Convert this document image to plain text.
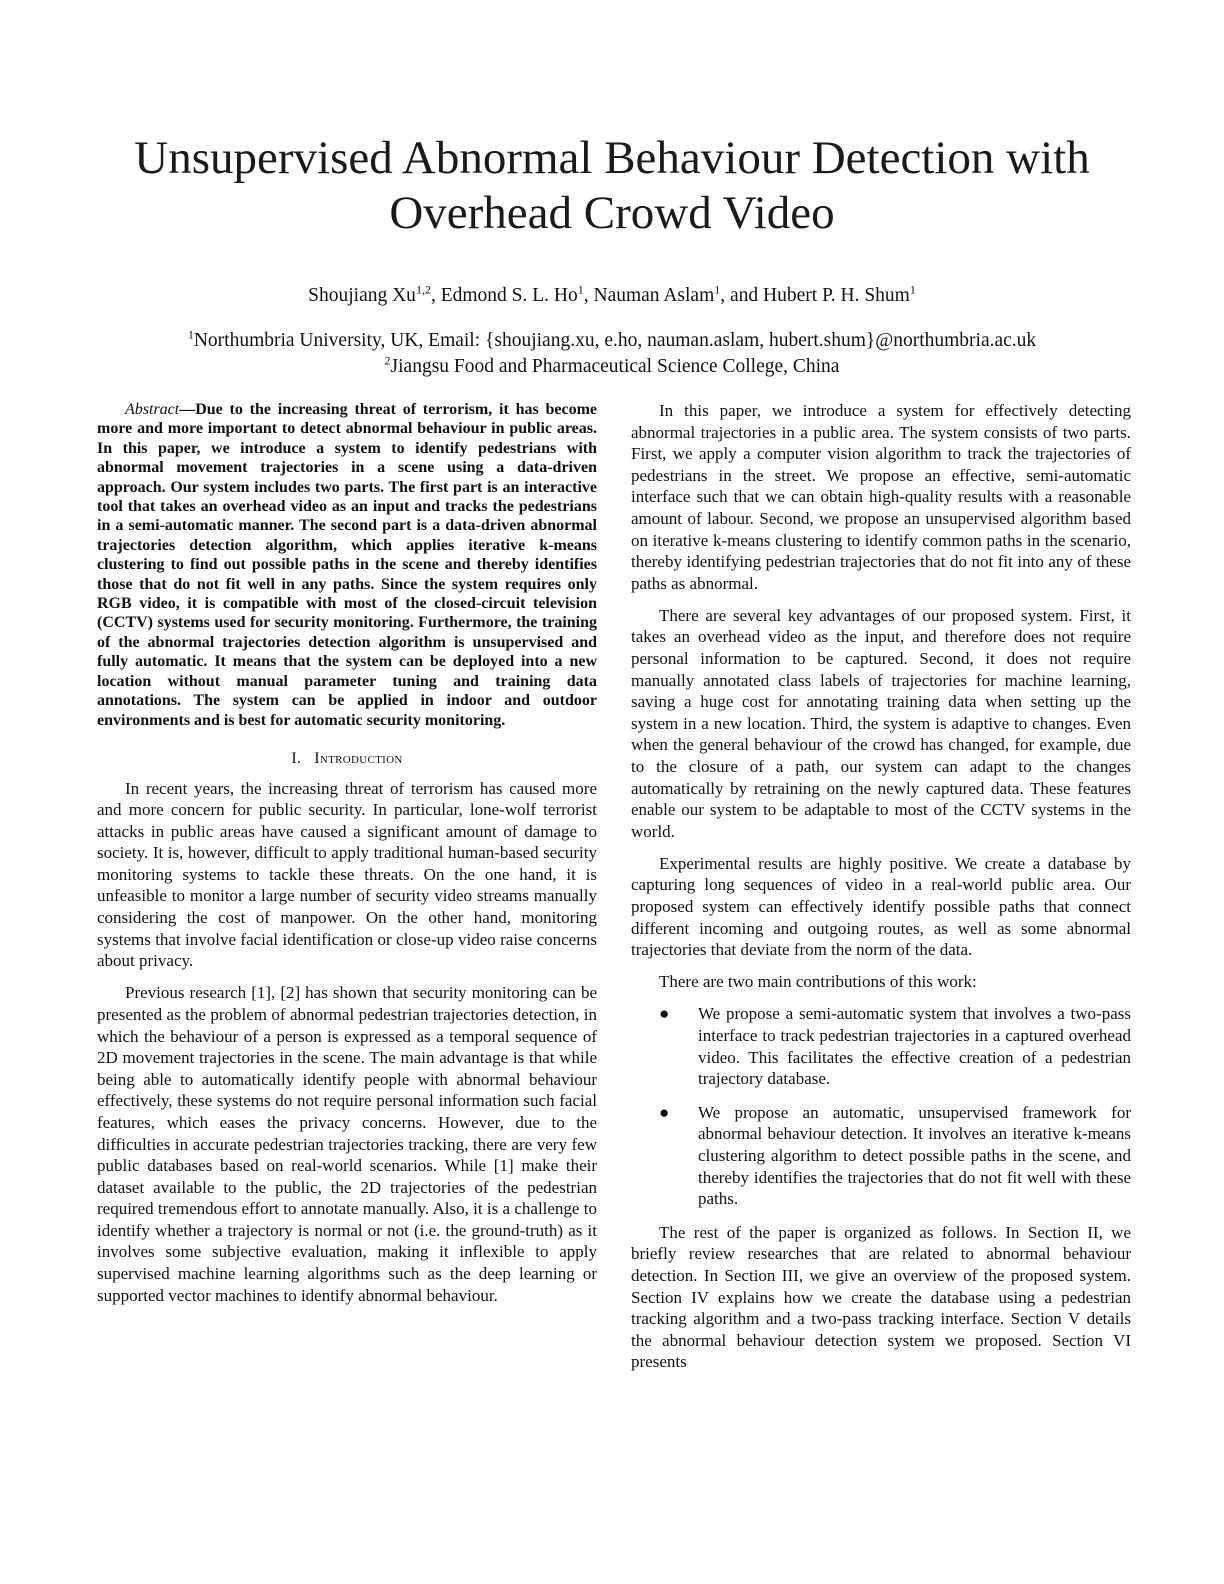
Unsupervised Abnormal Behaviour Detection with
Overhead Crowd Video
Shoujiang Xu$^{1,2}$, Edmond S. L. Ho$^1$, Nauman Aslam$^1$, and Hubert P. H. Shum$^1$
$^1$Northumbria University, UK, Email: {shoujiang.xu, e.ho, nauman.aslam, hubert.shum}@northumbria.ac.uk
$^2$Jiangsu Food and Pharmaceutical Science College, China

Abstract—Due to the increasing threat of terrorism, it has become more and more important to detect abnormal behaviour in public areas. In this paper, we introduce a system to identify pedestrians with abnormal movement trajectories in a scene using a data-driven approach. Our system includes two parts. The first part is an interactive tool that takes an overhead video as an input and tracks the pedestrians in a semi-automatic manner. The second part is a data-driven abnormal trajectories detection algorithm, which applies iterative k-means clustering to find out possible paths in the scene and thereby identifies those that do not fit well in any paths. Since the system requires only RGB video, it is compatible with most of the closed-circuit television (CCTV) systems used for security monitoring. Furthermore, the training of the abnormal trajectories detection algorithm is unsupervised and fully automatic. It means that the system can be deployed into a new location without manual parameter tuning and training data annotations. The system can be applied in indoor and outdoor environments and is best for automatic security monitoring.

I. Introduction

In recent years, the increasing threat of terrorism has caused more and more concern for public security. In particular, lone-wolf terrorist attacks in public areas have caused a significant amount of damage to society. It is, however, difficult to apply traditional human-based security monitoring systems to tackle these threats. On the one hand, it is unfeasible to monitor a large number of security video streams manually considering the cost of manpower. On the other hand, monitoring systems that involve facial identification or close-up video raise concerns about privacy.

Previous research [1], [2] has shown that security monitoring can be presented as the problem of abnormal pedestrian trajectories detection, in which the behaviour of a person is expressed as a temporal sequence of 2D movement trajectories in the scene. The main advantage is that while being able to automatically identify people with abnormal behaviour effectively, these systems do not require personal information such facial features, which eases the privacy concerns. However, due to the difficulties in accurate pedestrian trajectories tracking, there are very few public databases based on real-world scenarios. While [1] make their dataset available to the public, the 2D trajectories of the pedestrian required tremendous effort to annotate manually. Also, it is a challenge to identify whether a trajectory is normal or not (i.e. the ground-truth) as it involves some subjective evaluation, making it inflexible to apply supervised machine learning algorithms such as the deep learning or supported vector machines to identify abnormal behaviour.

In this paper, we introduce a system for effectively detecting abnormal trajectories in a public area. The system consists of two parts. First, we apply a computer vision algorithm to track the trajectories of pedestrians in the street. We propose an effective, semi-automatic interface such that we can obtain high-quality results with a reasonable amount of labour. Second, we propose an unsupervised algorithm based on iterative k-means clustering to identify common paths in the scenario, thereby identifying pedestrian trajectories that do not fit into any of these paths as abnormal.

There are several key advantages of our proposed system. First, it takes an overhead video as the input, and therefore does not require personal information to be captured. Second, it does not require manually annotated class labels of trajectories for machine learning, saving a huge cost for annotating training data when setting up the system in a new location. Third, the system is adaptive to changes. Even when the general behaviour of the crowd has changed, for example, due to the closure of a path, our system can adapt to the changes automatically by retraining on the newly captured data. These features enable our system to be adaptable to most of the CCTV systems in the world.

Experimental results are highly positive. We create a database by capturing long sequences of video in a real-world public area. Our proposed system can effectively identify possible paths that connect different incoming and outgoing routes, as well as some abnormal trajectories that deviate from the norm of the data.

There are two main contributions of this work:

● We propose a semi-automatic system that involves a two-pass interface to track pedestrian trajectories in a captured overhead video. This facilitates the effective creation of a pedestrian trajectory database.
● We propose an automatic, unsupervised framework for abnormal behaviour detection. It involves an iterative k-means clustering algorithm to detect possible paths in the scene, and thereby identifies the trajectories that do not fit well with these paths.

The rest of the paper is organized as follows. In Section II, we briefly review researches that are related to abnormal behaviour detection. In Section III, we give an overview of the proposed system. Section IV explains how we create the database using a pedestrian tracking algorithm and a two-pass tracking interface. Section V details the abnormal behaviour detection system we proposed. Section VI presents
